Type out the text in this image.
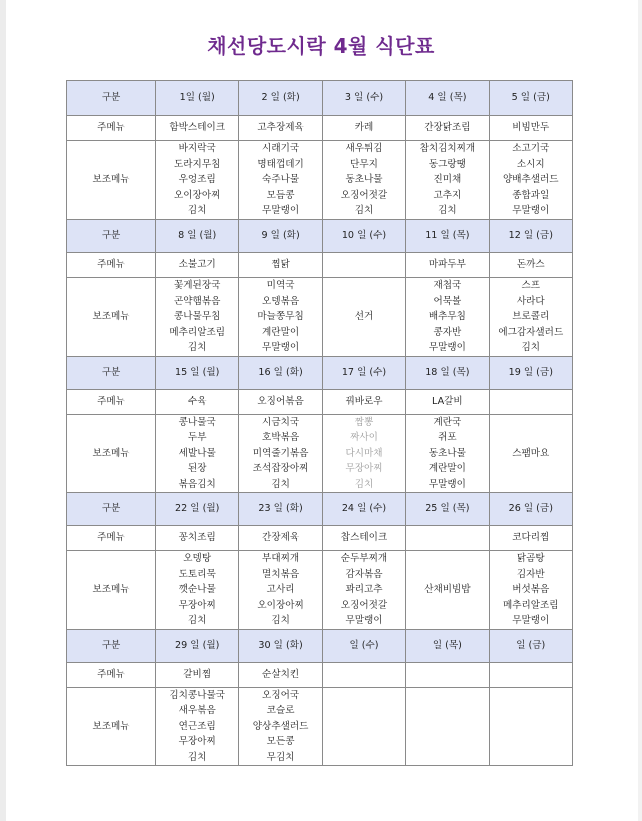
채선당도시락 4월 식단표
구분	1일 (월)	2 일 (화)	3 일 (수)	4 일 (목)	5 일 (금)
주메뉴	함박스테이크	고추장제육	카레	간장닭조림	비빔만두
보조메뉴	바지락국
도라지무침
우엉조림
오이장아찌
김치	시래기국
명태껍데기
숙주나물
모듬콩
무말랭이	새우튀김
단무지
동초나물
오징어젓갈
김치	참치김치찌개
동그랑땡
진미채
고추지
김치	소고기국
소시지
양배추샐러드
종합과일
무말랭이

구분	8 일 (월)	9 일 (화)	10 일 (수)	11 일 (목)	12 일 (금)
주메뉴	소불고기	찜닭		마파두부	돈까스
보조메뉴	꽃게된장국
곤약햄볶음
콩나물무침
메추리알조림
김치	미역국
오뎅볶음
마늘쫑무침
계란말이
무말랭이	선거	재첩국
어묵볼
배추무침
콩자반
무말랭이	스프
사라다
브로콜리
에그감자샐러드
김치

구분	15 일 (월)	16 일 (화)	17 일 (수)	18 일 (목)	19 일 (금)
주메뉴	수육	오징어볶음	꿔바로우	LA갈비	
보조메뉴	콩나물국
두부
세발나물
된장
볶음김치	시금치국
호박볶음
미역줄기볶음
조석잡장아찌
김치	짬뽕
짜사이
다시마채
무장아찌
김치	계란국
쥐포
동초나물
계란말이
무말랭이	스팸마요

구분	22 일 (월)	23 일 (화)	24 일 (수)	25 일 (목)	26 일 (금)
주메뉴	꽁치조림	간장제육	찹스테이크		코다리찜
보조메뉴	오뎅탕
도토리묵
깻순나물
무장아찌
김치	부대찌개
멸치볶음
고사리
오이장아찌
김치	순두부찌개
감자볶음
꽈리고추
오징어젓갈
무말랭이	산채비빔밥	닭곰탕
김자반
버섯볶음
메추리알조림
무말랭이

구분	29 일 (월)	30 일 (화)	일 (수)	일 (목)	일 (금)
주메뉴	갈비찜	순살치킨			
보조메뉴	김치콩나물국
새우볶음
연근조림
무장아찌
김치	오징어국
코슬로
양상추샐러드
모든콩
무김치			
